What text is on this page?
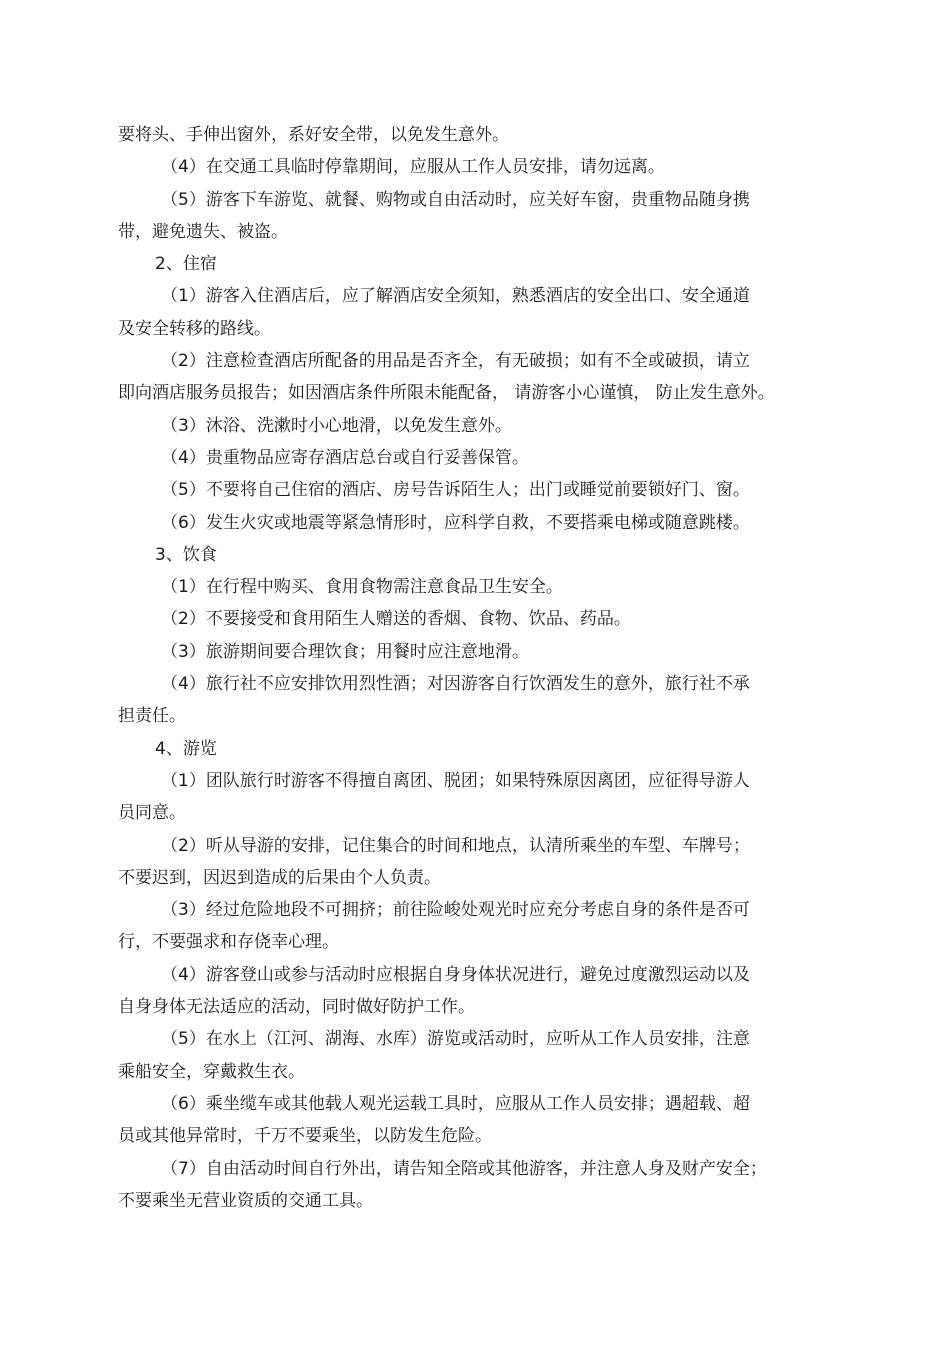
要将头、手伸出窗外，系好安全带，以免发生意外。
（4）在交通工具临时停靠期间，应服从工作人员安排，请勿远离。
（5）游客下车游览、就餐、购物或自由活动时，应关好车窗，贵重物品随身携
带，避免遗失、被盗。
2、住宿
（1）游客入住酒店后，应了解酒店安全须知，熟悉酒店的安全出口、安全通道
及安全转移的路线。
（2）注意检查酒店所配备的用品是否齐全，有无破损；如有不全或破损，请立
即向酒店服务员报告；如因酒店条件所限未能配备， 请游客小心谨慎， 防止发生意外。
（3）沐浴、洗漱时小心地滑，以免发生意外。
（4）贵重物品应寄存酒店总台或自行妥善保管。
（5）不要将自己住宿的酒店、房号告诉陌生人；出门或睡觉前要锁好门、窗。
（6）发生火灾或地震等紧急情形时，应科学自救，不要搭乘电梯或随意跳楼。
3、饮食
（1）在行程中购买、食用食物需注意食品卫生安全。
（2）不要接受和食用陌生人赠送的香烟、食物、饮品、药品。
（3）旅游期间要合理饮食；用餐时应注意地滑。
（4）旅行社不应安排饮用烈性酒；对因游客自行饮酒发生的意外，旅行社不承
担责任。
4、游览
（1）团队旅行时游客不得擅自离团、脱团；如果特殊原因离团，应征得导游人
员同意。
（2）听从导游的安排，记住集合的时间和地点，认清所乘坐的车型、车牌号；
不要迟到，因迟到造成的后果由个人负责。
（3）经过危险地段不可拥挤；前往险峻处观光时应充分考虑自身的条件是否可
行，不要强求和存侥幸心理。
（4）游客登山或参与活动时应根据自身身体状况进行，避免过度激烈运动以及
自身身体无法适应的活动，同时做好防护工作。
（5）在水上（江河、湖海、水库）游览或活动时，应听从工作人员安排，注意
乘船安全，穿戴救生衣。
（6）乘坐缆车或其他载人观光运载工具时，应服从工作人员安排；遇超载、超
员或其他异常时，千万不要乘坐，以防发生危险。
（7）自由活动时间自行外出，请告知全陪或其他游客，并注意人身及财产安全；
不要乘坐无营业资质的交通工具。
